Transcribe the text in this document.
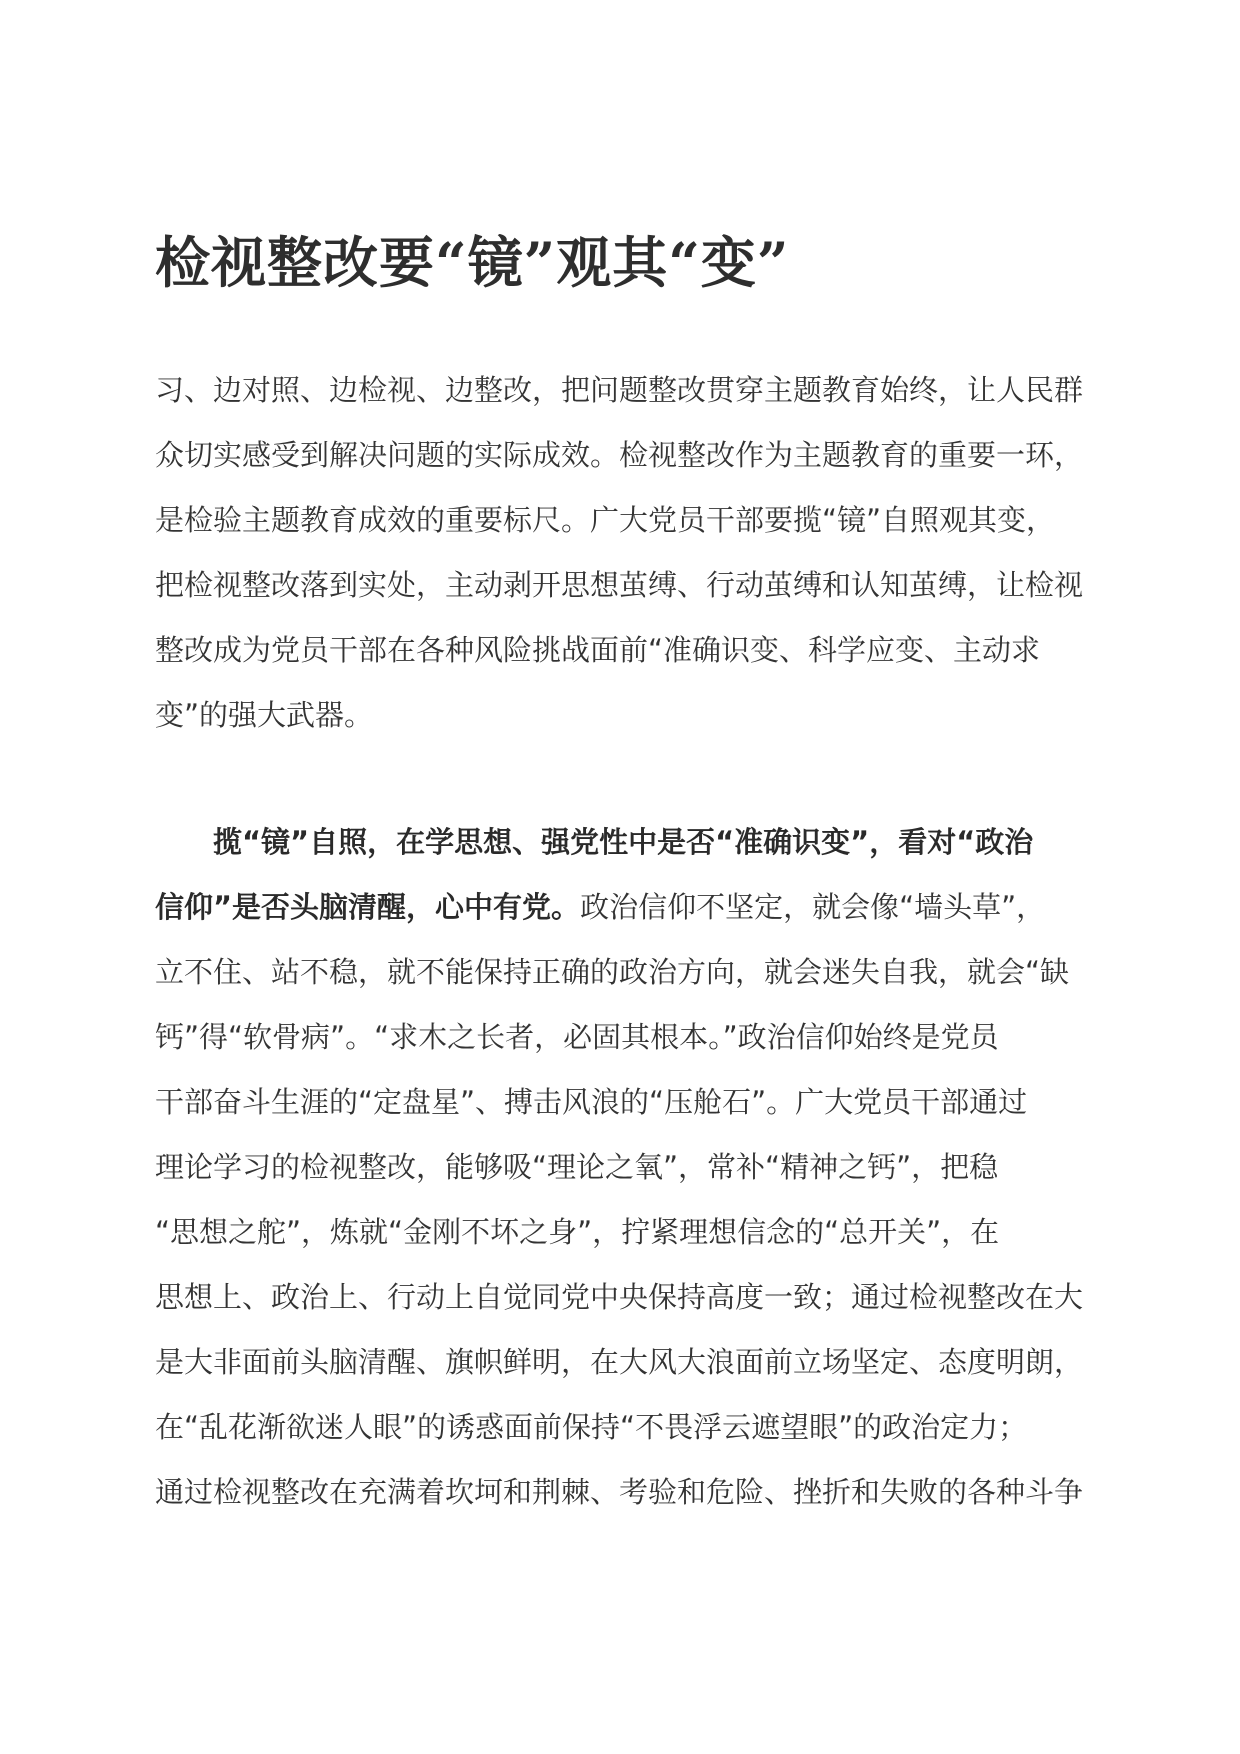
检视整改要“镜”观其“变”
习、边对照、边检视、边整改，把问题整改贯穿主题教育始终，让人民群
众切实感受到解决问题的实际成效。检视整改作为主题教育的重要一环，
是检验主题教育成效的重要标尺。广大党员干部要揽“镜”自照观其变，
把检视整改落到实处，主动剥开思想茧缚、行动茧缚和认知茧缚，让检视
整改成为党员干部在各种风险挑战面前“准确识变、科学应变、主动求
变”的强大武器。
揽“镜”自照，在学思想、强党性中是否“准确识变”，看对“政治
信仰”是否头脑清醒，心中有党。政治信仰不坚定，就会像“墙头草”，
立不住、站不稳，就不能保持正确的政治方向，就会迷失自我，就会“缺
钙”得“软骨病”。“求木之长者，必固其根本。”政治信仰始终是党员
干部奋斗生涯的“定盘星”、搏击风浪的“压舱石”。广大党员干部通过
理论学习的检视整改，能够吸“理论之氧”，常补“精神之钙”，把稳
“思想之舵”，炼就“金刚不坏之身”，拧紧理想信念的“总开关”，在
思想上、政治上、行动上自觉同党中央保持高度一致；通过检视整改在大
是大非面前头脑清醒、旗帜鲜明，在大风大浪面前立场坚定、态度明朗，
在“乱花渐欲迷人眼”的诱惑面前保持“不畏浮云遮望眼”的政治定力；
通过检视整改在充满着坎坷和荆棘、考验和危险、挫折和失败的各种斗争
